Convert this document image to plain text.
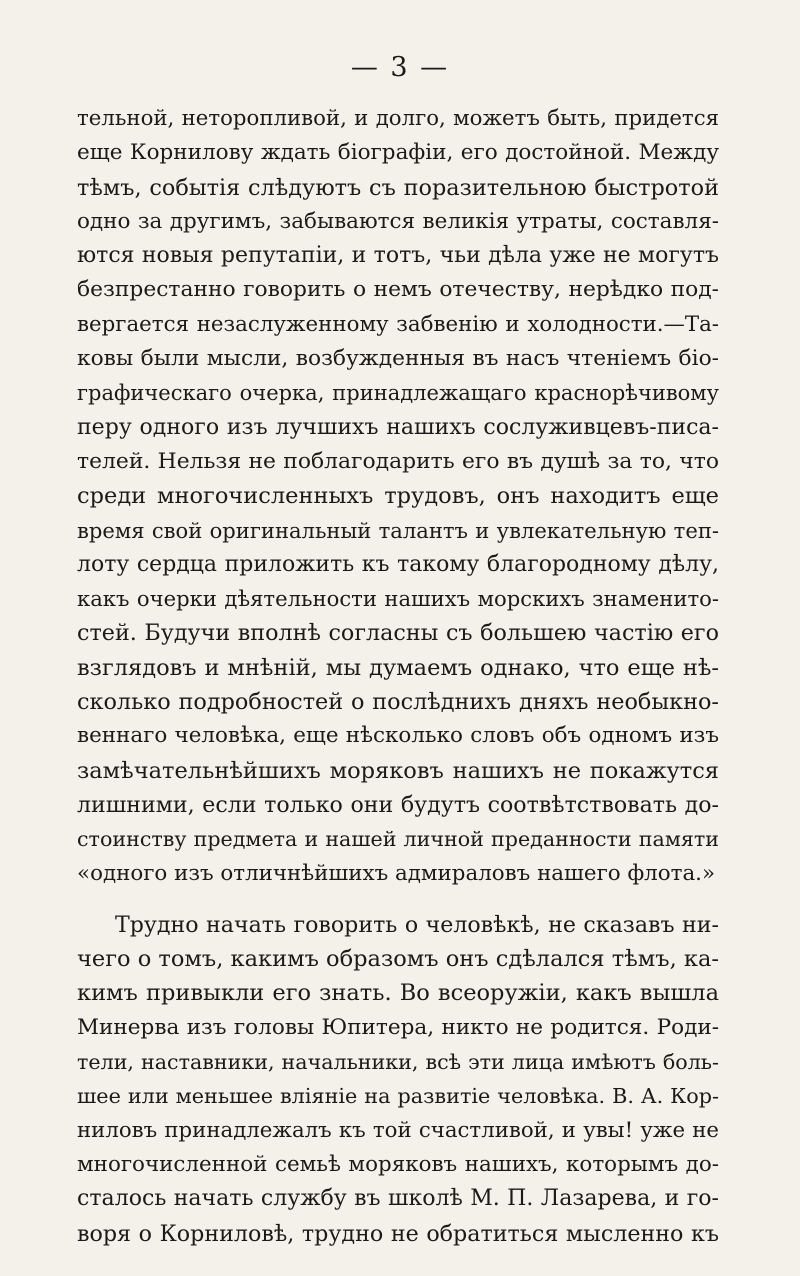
— 3 —
тельной, неторопливой, и долго, можетъ быть, придется
еще Корнилову ждать біографіи, его достойной. Между
тѣмъ, событія слѣдуютъ съ поразительною быстротой
одно за другимъ, забываются великія утраты, составля-
ются новыя репутапіи, и тотъ, чьи дѣла уже не могутъ
безпрестанно говорить о немъ отечеству, нерѣдко под-
вергается незаслуженному забвенію и холодности.—Та-
ковы были мысли, возбужденныя въ насъ чтеніемъ біо-
графическаго очерка, принадлежащаго краснорѣчивому
перу одного изъ лучшихъ нашихъ сослуживцевъ-писа-
телей. Нельзя не поблагодарить его въ душѣ за то, что
среди многочисленныхъ трудовъ, онъ находитъ еще
время свой оригинальный талантъ и увлекательную теп-
лоту сердца приложить къ такому благородному дѣлу,
какъ очерки дѣятельности нашихъ морскихъ знаменито-
стей. Будучи вполнѣ согласны съ большею частію его
взглядовъ и мнѣній, мы думаемъ однако, что еще нѣ-
сколько подробностей о послѣднихъ дняхъ необыкно-
веннаго человѣка, еще нѣсколько словъ объ одномъ изъ
замѣчательнѣйшихъ моряковъ нашихъ не покажутся
лишними, если только они будутъ соотвѣтствовать до-
стоинству предмета и нашей личной преданности памяти
«одного изъ отличнѣйшихъ адмираловъ нашего флота.»
Трудно начать говорить о человѣкѣ, не сказавъ ни-
чего о томъ, какимъ образомъ онъ сдѣлался тѣмъ, ка-
кимъ привыкли его знать. Во всеоружіи, какъ вышла
Минерва изъ головы Юпитера, никто не родится. Роди-
тели, наставники, начальники, всѣ эти лица имѣютъ боль-
шее или меньшее вліяніе на развитіе человѣка. В. А. Кор-
ниловъ принадлежалъ къ той счастливой, и увы! уже не
многочисленной семьѣ моряковъ нашихъ, которымъ до-
сталось начать службу въ школѣ М. П. Лазарева, и го-
воря о Корниловѣ, трудно не обратиться мысленно къ
